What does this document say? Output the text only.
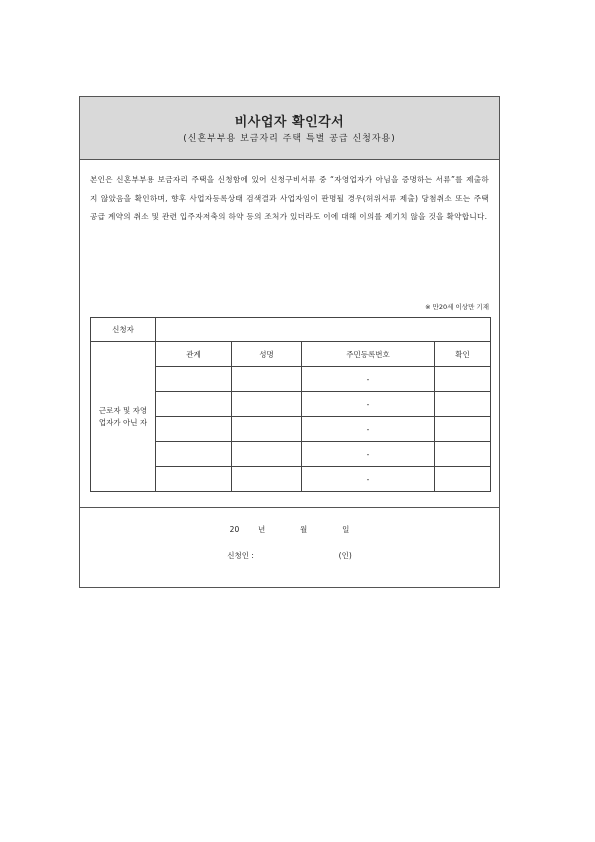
비사업자 확인각서
(신혼부부용 보금자리 주택 특별 공급 신청자용)
본인은 신혼부부용 보금자리 주택을 신청함에 있어 신청구비서류 중 “자영업자가 아님을 증명하는 서류”를 제출하지 않았음을 확인하며, 향후 사업자등록상태 검색결과 사업자임이 판명될 경우(허위서류 제출) 당첨취소 또는 주택공급 계약의 취소 및 관련 입주자저축의 하약 등의 조처가 있더라도 이에 대해 이의를 제기치 않을 것을 확약합니다.
※ 만20세 이상만 기재
신청자				
근로자 및 자영업자가 아닌 자	관계	성명	주민등록번호	확인
			-	
			-	
			-	
			-	
			-	
20	년	월	일
신청인 :	(인)
